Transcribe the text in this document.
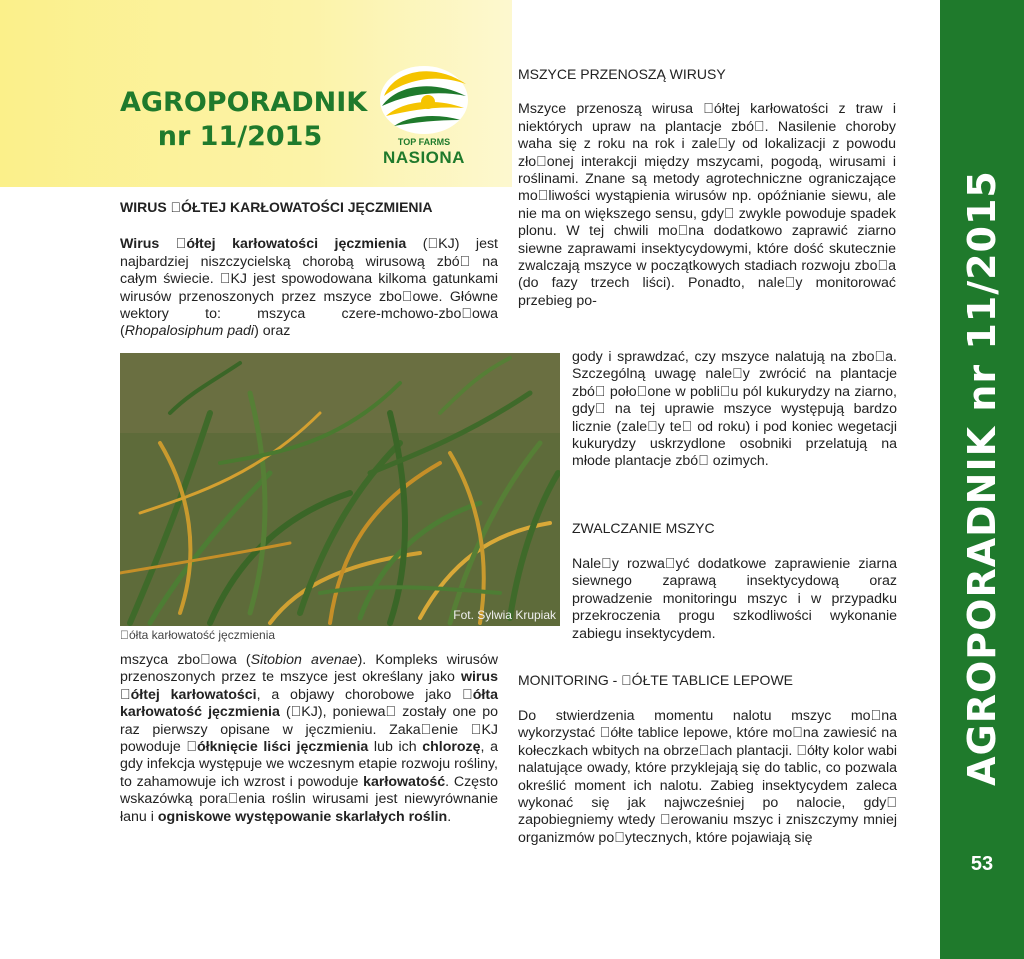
AGROPORADNIK
nr 11/2015	TOP FARMS
NASIONA
AGROPORADNIK nr 11/2015
53

WIRUS  ÓŁTEJ KARŁOWATOŚCI JĘCZMIENIA

Wirus  ółtej karłowatości jęczmienia ( KJ) jest najbardziej niszczycielską chorobą wirusową zbó  na całym świecie.  KJ jest spowodowana kilkoma gatunkami wirusów przenoszonych przez mszyce zbo owe. Główne wektory to: mszyca czere-mchowo-zbo owa (Rhopalosiphum padi) oraz

Fot. Sylwia Krupiak
 ółta karłowatość jęczmienia

mszyca zbo owa (Sitobion avenae). Kompleks wirusów przenoszonych przez te mszyce jest określany jako wirus  ółtej karłowatości, a objawy chorobowe jako  ółta karłowatość jęczmienia ( KJ), poniewa  zostały one po raz pierwszy opisane w jęczmieniu. Zaka enie  KJ powoduje  ółknięcie liści jęczmienia lub ich chlorozę, a gdy infekcja występuje we wczesnym etapie rozwoju rośliny, to zahamowuje ich wzrost i powoduje karłowatość. Często wskazówką pora enia roślin wirusami jest niewyrównanie łanu i ogniskowe występowanie skarlałych roślin.

MSZYCE PRZENOSZĄ WIRUSY

Mszyce przenoszą wirusa  ółtej karłowatości z traw i niektórych upraw na plantacje zbó . Nasilenie choroby waha się z roku na rok i zale y od lokalizacji z powodu zło onej interakcji między mszycami, pogodą, wirusami i roślinami. Znane są metody agrotechniczne ograniczające mo liwości wystąpienia wirusów np. opóźnianie siewu, ale nie ma on większego sensu, gdy  zwykle powoduje spadek plonu. W tej chwili mo na dodatkowo zaprawić ziarno siewne zaprawami insektycydowymi, które dość skutecznie zwalczają mszyce w początkowych stadiach rozwoju zbo a (do fazy trzech liści). Ponadto, nale y monitorować przebieg po-

gody i sprawdzać, czy mszyce nalatują na zbo a. Szczególną uwagę nale y zwrócić na plantacje zbó  poło one w pobli u pól kukurydzy na ziarno, gdy  na tej uprawie mszyce występują bardzo licznie (zale y te  od roku) i pod koniec wegetacji kukurydzy uskrzydlone osobniki przelatują na młode plantacje zbó  ozimych.
ZWALCZANIE MSZYC
Nale y rozwa yć dodatkowe zaprawienie ziarna siewnego zaprawą insektycydową oraz prowadzenie monitoringu mszyc i w przypadku przekroczenia progu szkodliwości wykonanie zabiegu insektycydem.
MONITORING -  ÓŁTE TABLICE LEPOWE
Do stwierdzenia momentu nalotu mszyc mo na wykorzystać  ółte tablice lepowe, które mo na zawiesić na kołeczkach wbitych na obrze ach plantacji.  ółty kolor wabi nalatujące owady, które przyklejają się do tablic, co pozwala określić moment ich nalotu. Zabieg insektycydem zaleca wykonać się jak najwcześniej po nalocie, gdy  zapobiegniemy wtedy  erowaniu mszyc i zniszczymy mniej organizmów po ytecznych, które pojawiają się
